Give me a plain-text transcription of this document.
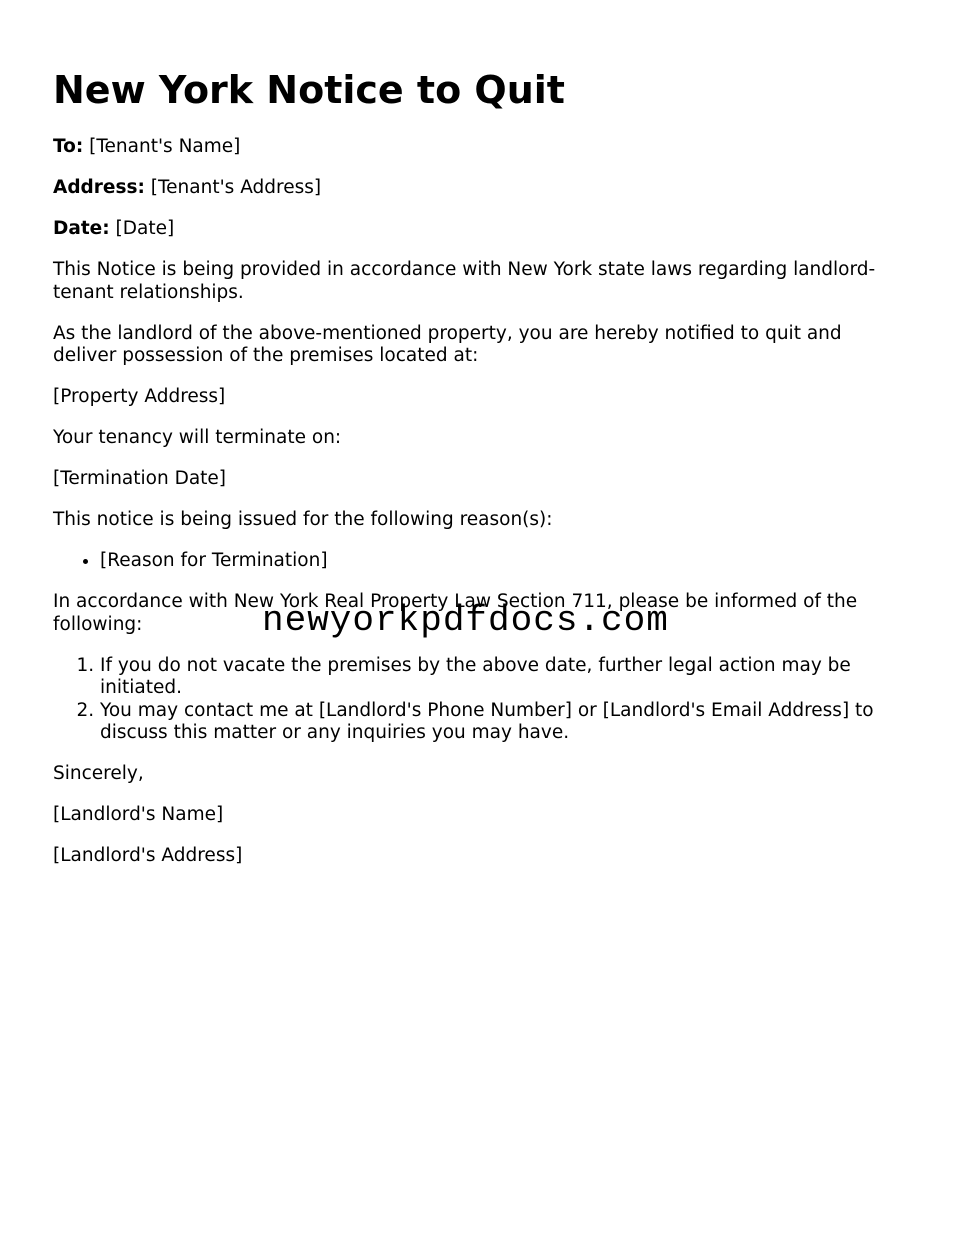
New York Notice to Quit

To: [Tenant's Name]

Address: [Tenant's Address]

Date: [Date]

This Notice is being provided in accordance with New York state laws regarding landlord-tenant relationships.

As the landlord of the above-mentioned property, you are hereby notified to quit and deliver possession of the premises located at:

[Property Address]

Your tenancy will terminate on:

[Termination Date]

This notice is being issued for the following reason(s):

• [Reason for Termination]

In accordance with New York Real Property Law Section 711, please be informed of the following:

1. If you do not vacate the premises by the above date, further legal action may be initiated.
2. You may contact me at [Landlord's Phone Number] or [Landlord's Email Address] to discuss this matter or any inquiries you may have.

Sincerely,

[Landlord's Name]

[Landlord's Address]

newyorkpdfdocs.com
